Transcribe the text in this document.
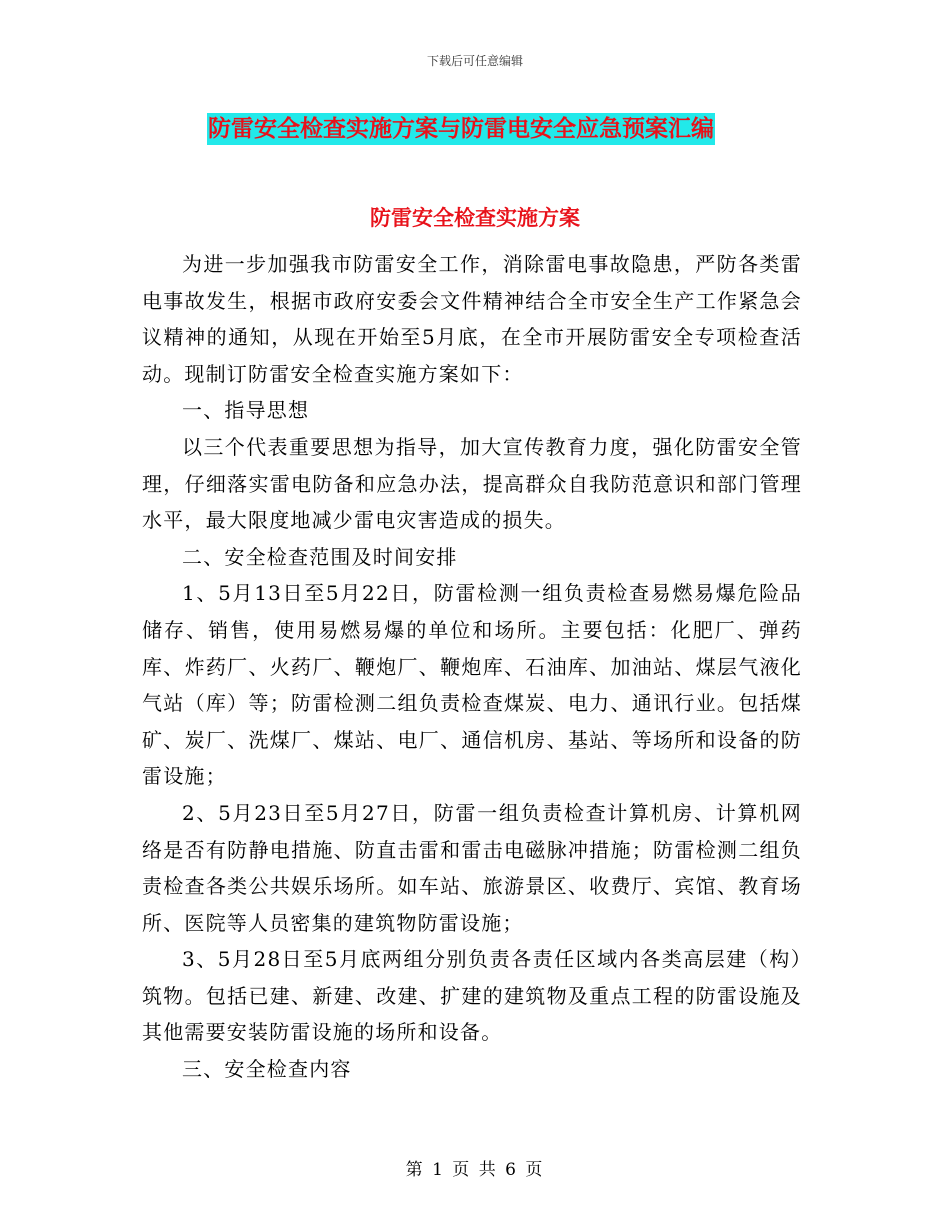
下载后可任意编辑
防雷安全检查实施方案与防雷电安全应急预案汇编
防雷安全检查实施方案

为进一步加强我市防雷安全工作，消除雷电事故隐患，严防各类雷电事故发生，根据市政府安委会文件精神结合全市安全生产工作紧急会议精神的通知，从现在开始至5月底，在全市开展防雷安全专项检查活动。现制订防雷安全检查实施方案如下：

一、指导思想

以三个代表重要思想为指导，加大宣传教育力度，强化防雷安全管理，仔细落实雷电防备和应急办法，提高群众自我防范意识和部门管理水平，最大限度地减少雷电灾害造成的损失。

二、安全检查范围及时间安排

1、5月13日至5月22日，防雷检测一组负责检查易燃易爆危险品储存、销售，使用易燃易爆的单位和场所。主要包括：化肥厂、弹药库、炸药厂、火药厂、鞭炮厂、鞭炮库、石油库、加油站、煤层气液化气站（库）等；防雷检测二组负责检查煤炭、电力、通讯行业。包括煤矿、炭厂、洗煤厂、煤站、电厂、通信机房、基站、等场所和设备的防雷设施；

2、5月23日至5月27日，防雷一组负责检查计算机房、计算机网络是否有防静电措施、防直击雷和雷击电磁脉冲措施；防雷检测二组负责检查各类公共娱乐场所。如车站、旅游景区、收费厅、宾馆、教育场所、医院等人员密集的建筑物防雷设施；

3、5月28日至5月底两组分别负责各责任区域内各类高层建（构）筑物。包括已建、新建、改建、扩建的建筑物及重点工程的防雷设施及其他需要安装防雷设施的场所和设备。

三、安全检查内容

第 1 页 共 6 页
